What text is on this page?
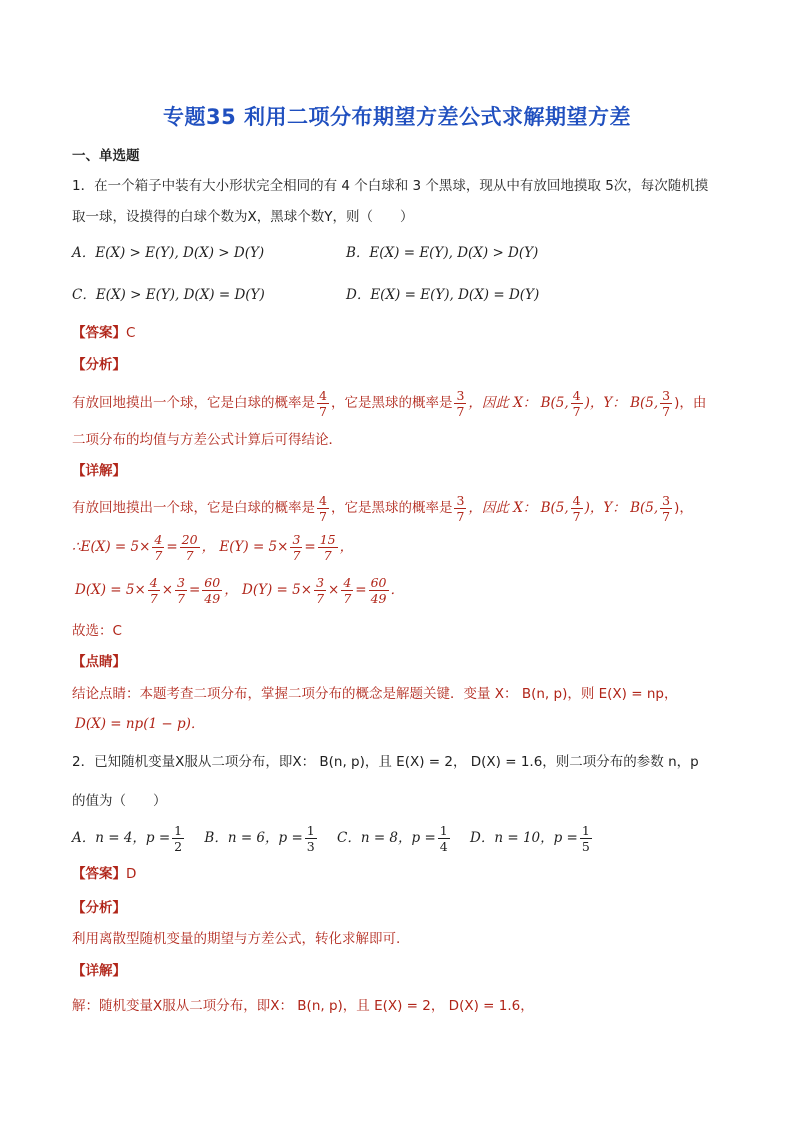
专题35 利用二项分布期望方差公式求解期望方差
一、单选题
1．在一个箱子中装有大小形状完全相同的有 4 个白球和 3 个黑球，现从中有放回地摸取 5次，每次随机摸
取一球，设摸得的白球个数为X，黑球个数Y，则（　　）
A．E(X) > E(Y), D(X) > D(Y)	B．E(X) = E(Y), D(X) > D(Y)
C．E(X) > E(Y), D(X) = D(Y)	D．E(X) = E(Y), D(X) = D(Y)
【答案】C
【分析】
有放回地摸出一个球，它是白球的概率是 $\frac{4}{7}$ ，它是黑球的概率是 $\frac{3}{7}$ ，因此 X： B(5, $\frac{4}{7}$ )，Y： B(5, $\frac{3}{7}$ )，由
二项分布的均值与方差公式计算后可得结论．
【详解】
有放回地摸出一个球，它是白球的概率是 $\frac{4}{7}$ ，它是黑球的概率是 $\frac{3}{7}$ ，因此 X： B(5, $\frac{4}{7}$ )，Y： B(5, $\frac{3}{7}$ )，
∴E(X) = $5\times \frac{4}{7} = \frac{20}{7}$ ， $E(Y) = 5\times \frac{3}{7} = \frac{15}{7}$ ，
$D(X) = 5\times \frac{4}{7} \times \frac{3}{7} = \frac{60}{49}$ ， $D(Y) = 5\times \frac{3}{7} \times \frac{4}{7} = \frac{60}{49}$ ．
故选：C
【点睛】
结论点睛：本题考查二项分布，掌握二项分布的概念是解题关键．变量 X： B(n, p)，则 E(X) = np，
D(X) = np(1 − p)．
2．已知随机变量X服从二项分布，即X： B(n, p)，且 E(X) = 2， D(X) = 1.6，则二项分布的参数 n，p
的值为（　　）
A．n = 4，$p = \frac{1}{2}$ B．n = 6，$p = \frac{1}{3}$ C．n = 8，$p = \frac{1}{4}$ D．n = 10，$p = \frac{1}{5}$
【答案】D
【分析】
利用离散型随机变量的期望与方差公式，转化求解即可.
【详解】
解：随机变量X服从二项分布，即X： B(n, p)，且 E(X) = 2， D(X) = 1.6，
